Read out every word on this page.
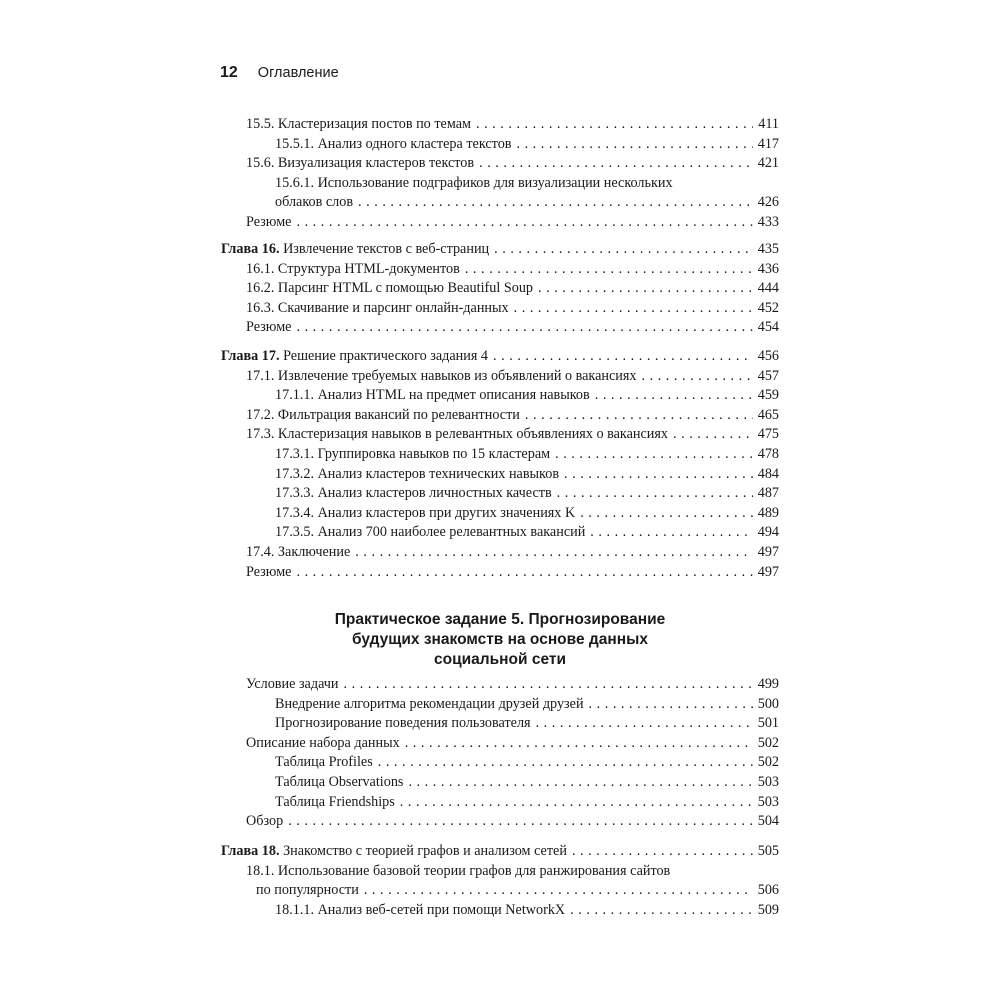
12 Оглавление
15.5. Кластеризация постов по темам . . .	411
15.5.1. Анализ одного кластера текстов . . .	417
15.6. Визуализация кластеров текстов . . .	421
15.6.1. Использование подграфиков для визуализации нескольких
облаков слов . . .	426
Резюме . . .	433
Глава 16. Извлечение текстов с веб-страниц . . .	435
16.1. Структура HTML-документов . . .	436
16.2. Парсинг HTML с помощью Beautiful Soup . . .	444
16.3. Скачивание и парсинг онлайн-данных . . .	452
Резюме . . .	454
Глава 17. Решение практического задания 4 . . .	456
17.1. Извлечение требуемых навыков из объявлений о вакансиях . . .	457
17.1.1. Анализ HTML на предмет описания навыков . . .	459
17.2. Фильтрация вакансий по релевантности . . .	465
17.3. Кластеризация навыков в релевантных объявлениях о вакансиях . . .	475
17.3.1. Группировка навыков по 15 кластерам . . .	478
17.3.2. Анализ кластеров технических навыков . . .	484
17.3.3. Анализ кластеров личностных качеств . . .	487
17.3.4. Анализ кластеров при других значениях K . . .	489
17.3.5. Анализ 700 наиболее релевантных вакансий . . .	494
17.4. Заключение . . .	497
Резюме . . .	497
Практическое задание 5. Прогнозирование
будущих знакомств на основе данных
социальной сети
Условие задачи . . .	499
Внедрение алгоритма рекомендации друзей друзей . . .	500
Прогнозирование поведения пользователя . . .	501
Описание набора данных . . .	502
Таблица Profiles . . .	502
Таблица Observations . . .	503
Таблица Friendships . . .	503
Обзор . . .	504
Глава 18. Знакомство с теорией графов и анализом сетей . . .	505
18.1. Использование базовой теории графов для ранжирования сайтов
по популярности . . .	506
18.1.1. Анализ веб-сетей при помощи NetworkX . . .	509
